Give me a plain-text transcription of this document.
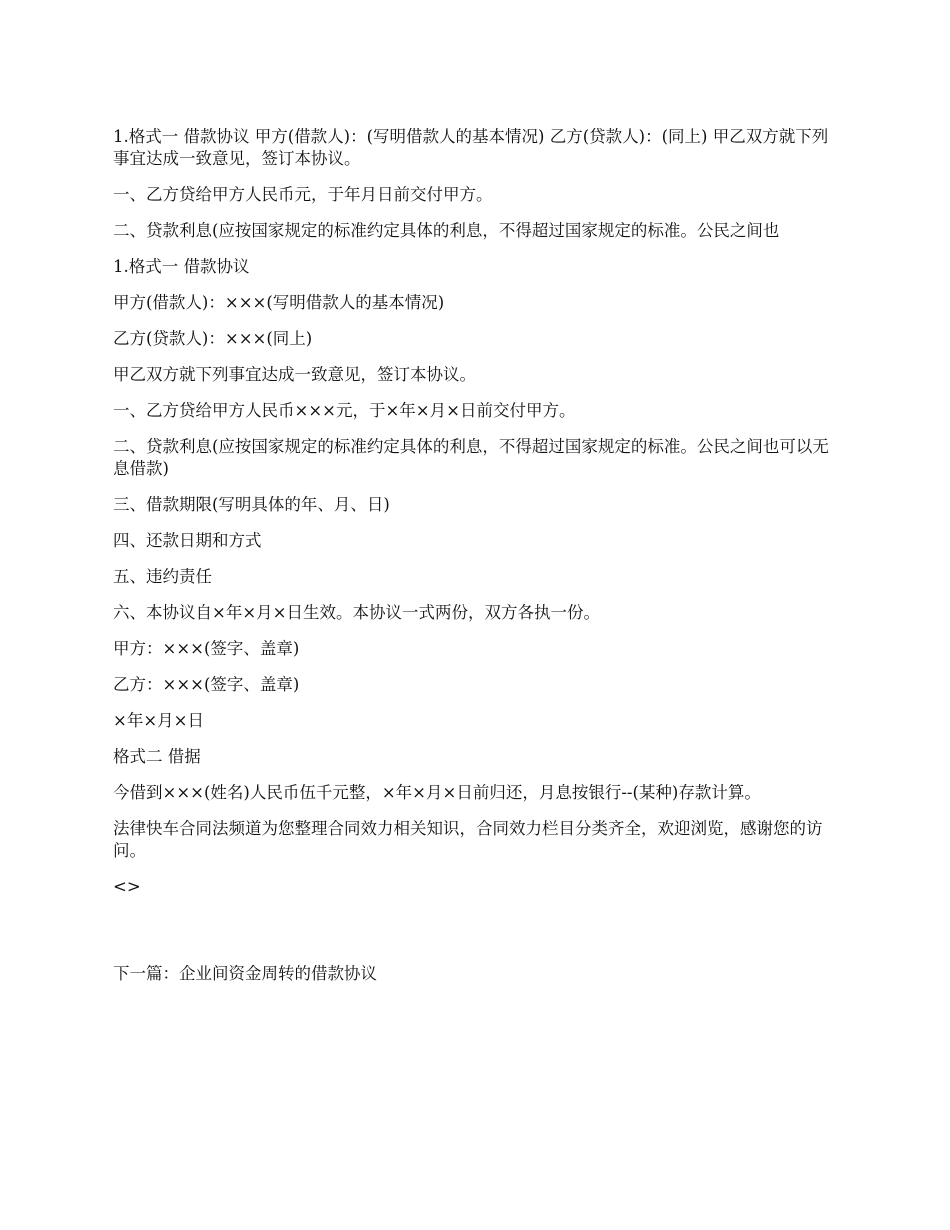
1.格式一 借款协议 甲方(借款人)：(写明借款人的基本情况) 乙方(贷款人)：(同上) 甲乙双方就下列事宜达成一致意见，签订本协议。

一、乙方贷给甲方人民币元，于年月日前交付甲方。

二、贷款利息(应按国家规定的标准约定具体的利息，不得超过国家规定的标准。公民之间也

1.格式一 借款协议

甲方(借款人)：×××(写明借款人的基本情况)

乙方(贷款人)：×××(同上)

甲乙双方就下列事宜达成一致意见，签订本协议。

一、乙方贷给甲方人民币×××元，于×年×月×日前交付甲方。

二、贷款利息(应按国家规定的标准约定具体的利息，不得超过国家规定的标准。公民之间也可以无息借款)

三、借款期限(写明具体的年、月、日)

四、还款日期和方式

五、违约责任

六、本协议自×年×月×日生效。本协议一式两份，双方各执一份。

甲方：×××(签字、盖章)

乙方：×××(签字、盖章)

×年×月×日

格式二 借据

今借到×××(姓名)人民币伍千元整，×年×月×日前归还，月息按银行--(某种)存款计算。

法律快车合同法频道为您整理合同效力相关知识，合同效力栏目分类齐全，欢迎浏览，感谢您的访问。

<>

下一篇：企业间资金周转的借款协议
